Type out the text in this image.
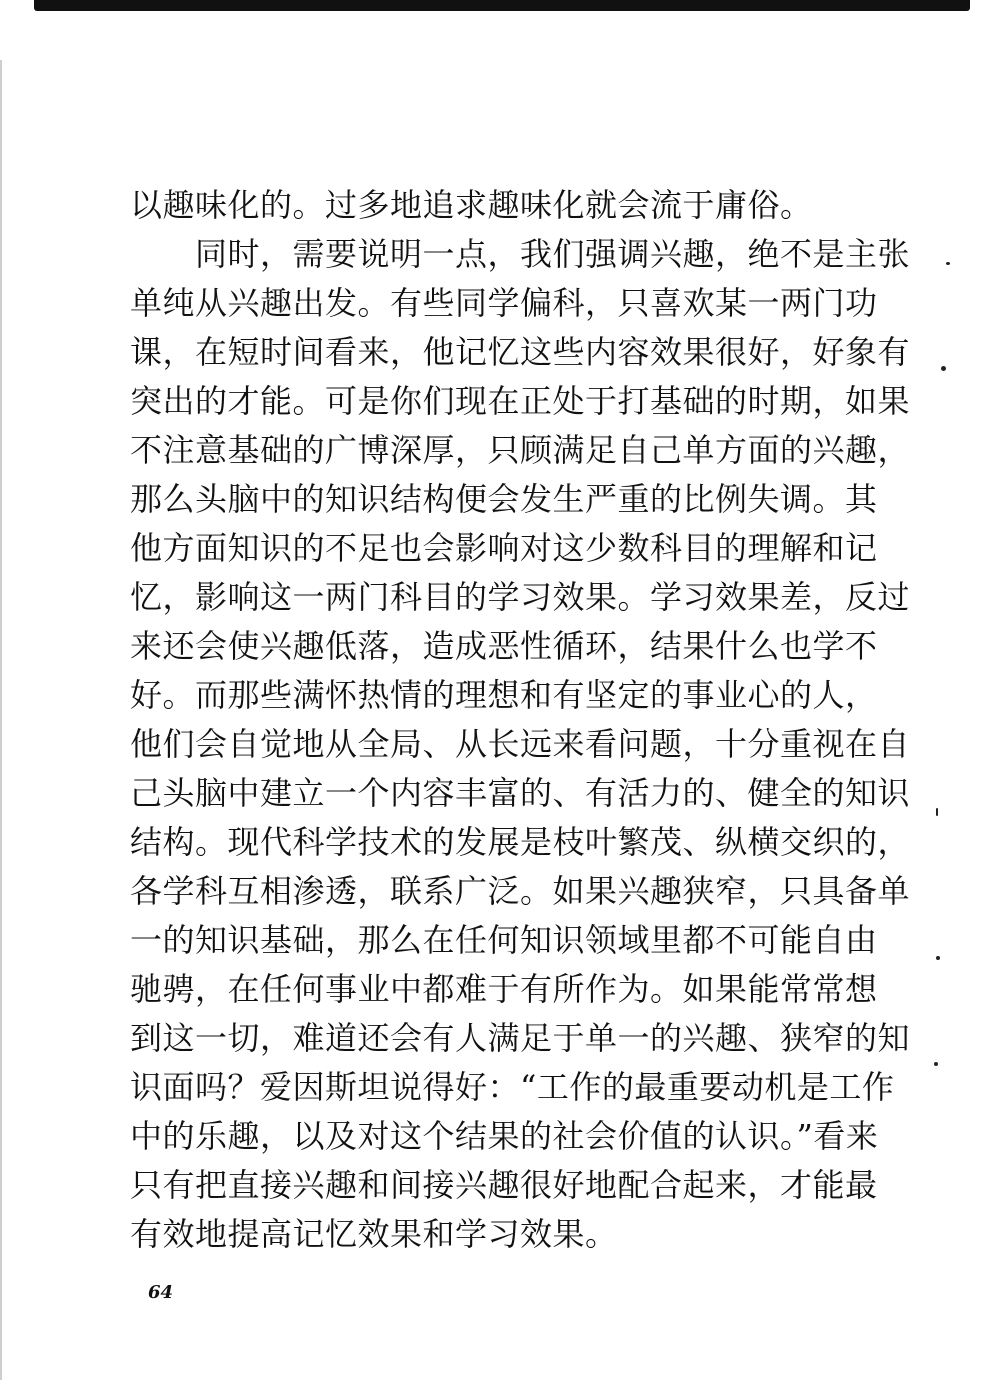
以趣味化的。过多地追求趣味化就会流于庸俗。
　　同时，需要说明一点，我们强调兴趣，绝不是主张
单纯从兴趣出发。有些同学偏科，只喜欢某一两门功
课，在短时间看来，他记忆这些内容效果很好，好象有
突出的才能。可是你们现在正处于打基础的时期，如果
不注意基础的广博深厚，只顾满足自己单方面的兴趣，
那么头脑中的知识结构便会发生严重的比例失调。其
他方面知识的不足也会影响对这少数科目的理解和记
忆，影响这一两门科目的学习效果。学习效果差，反过
来还会使兴趣低落，造成恶性循环，结果什么也学不
好。而那些满怀热情的理想和有坚定的事业心的人，
他们会自觉地从全局、从长远来看问题，十分重视在自
己头脑中建立一个内容丰富的、有活力的、健全的知识
结构。现代科学技术的发展是枝叶繁茂、纵横交织的，
各学科互相渗透，联系广泛。如果兴趣狭窄，只具备单
一的知识基础，那么在任何知识领域里都不可能自由
驰骋，在任何事业中都难于有所作为。如果能常常想
到这一切，难道还会有人满足于单一的兴趣、狭窄的知
识面吗？爱因斯坦说得好：“工作的最重要动机是工作
中的乐趣，以及对这个结果的社会价值的认识。”看来
只有把直接兴趣和间接兴趣很好地配合起来，才能最
有效地提高记忆效果和学习效果。
64
